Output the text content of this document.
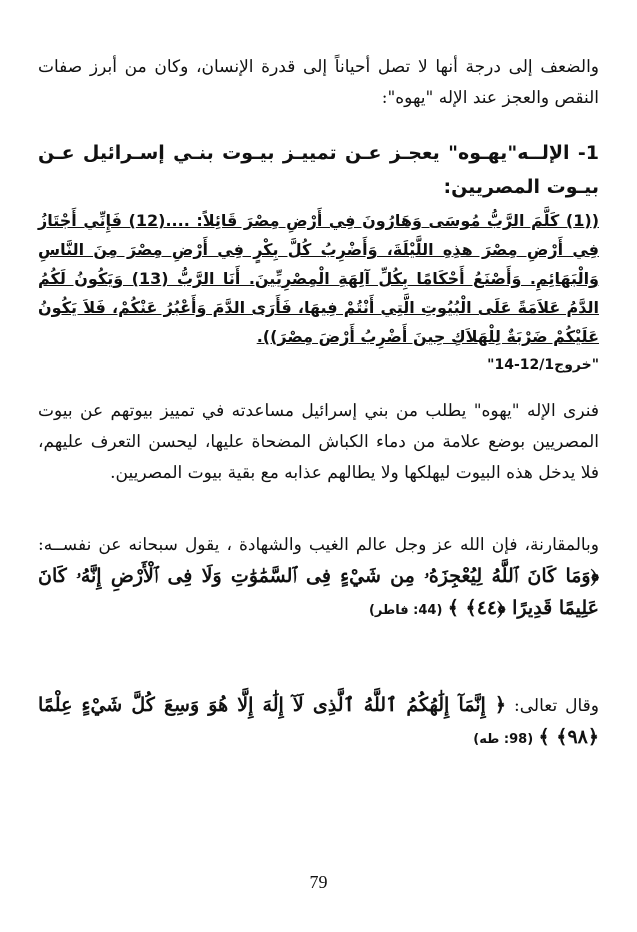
والضعف إلى درجة أنها لا تصل أحياناً إلى قدرة الإنسان، وكان من أبرز صفات النقص والعجز عند الإله "يهوه":
1- الإلــه"يهـوه" يعجـز عـن تمييـز بيـوت بنـي إسـرائيل عـن بيـوت المصريين:
((1) كَلَّمَ الرَّبُّ مُوسَى وَهَارُونَ فِي أَرْضِ مِصْرَ قَائِلاً: ....(12) فَإِنِّي أَجْتَازُ فِي أَرْضِ مِصْرَ هذِهِ اللَّيْلَةَ، وَأَضْرِبُ كُلَّ بِكْرٍ فِي أَرْضِ مِصْرَ مِنَ النَّاسِ وَالْبَهَائِمِ. وَأَصْنَعُ أَحْكَامًا بِكُلِّ آلِهَةِ الْمِصْرِيِّينَ. أَنَا الرَّبُّ (13) وَيَكُونُ لَكُمُ الدَّمُ عَلاَمَةً عَلَى الْبُيُوتِ الَّتِي أَنْتُمْ فِيهَا، فَأَرَى الدَّمَ وَأَعْبُرُ عَنْكُمْ، فَلاَ يَكُونُ عَلَيْكُمْ ضَرْبَةٌ لِلْهَلاَكِ حِينَ أَضْرِبُ أَرْضَ مِصْرَ)).
"خروج12/1-14"
فنرى الإله "يهوه" يطلب من بني إسرائيل مساعدته في تمييز بيوتهم عن بيوت المصريين بوضع علامة من دماء الكباش المضحاة عليها، ليحسن التعرف عليهم، فلا يدخل هذه البيوت ليهلكها ولا يطالهم عذابه مع بقية بيوت المصريين.
وبالمقارنة، فإن الله عز وجل عالم الغيب والشهادة ، يقول سبحانه عن نفســه: ﴿وَمَا كَانَ ٱللَّهُ لِيُعْجِزَهُۥ مِن شَيْءٍ فِى ٱلسَّمَٰوَٰتِ وَلَا فِى ٱلْأَرْضِ إِنَّهُۥ كَانَ عَلِيمًا قَدِيرًا ﴿٤٤﴾ ﴾ (44: فاطر)
وقال تعالى: ﴿ إِنَّمَآ إِلَٰهُكُمُ ٱللَّهُ ٱلَّذِى لَآ إِلَٰهَ إِلَّا هُوَ وَسِعَ كُلَّ شَيْءٍ عِلْمًا ﴿٩٨﴾ ﴾ (98: طه)
79
